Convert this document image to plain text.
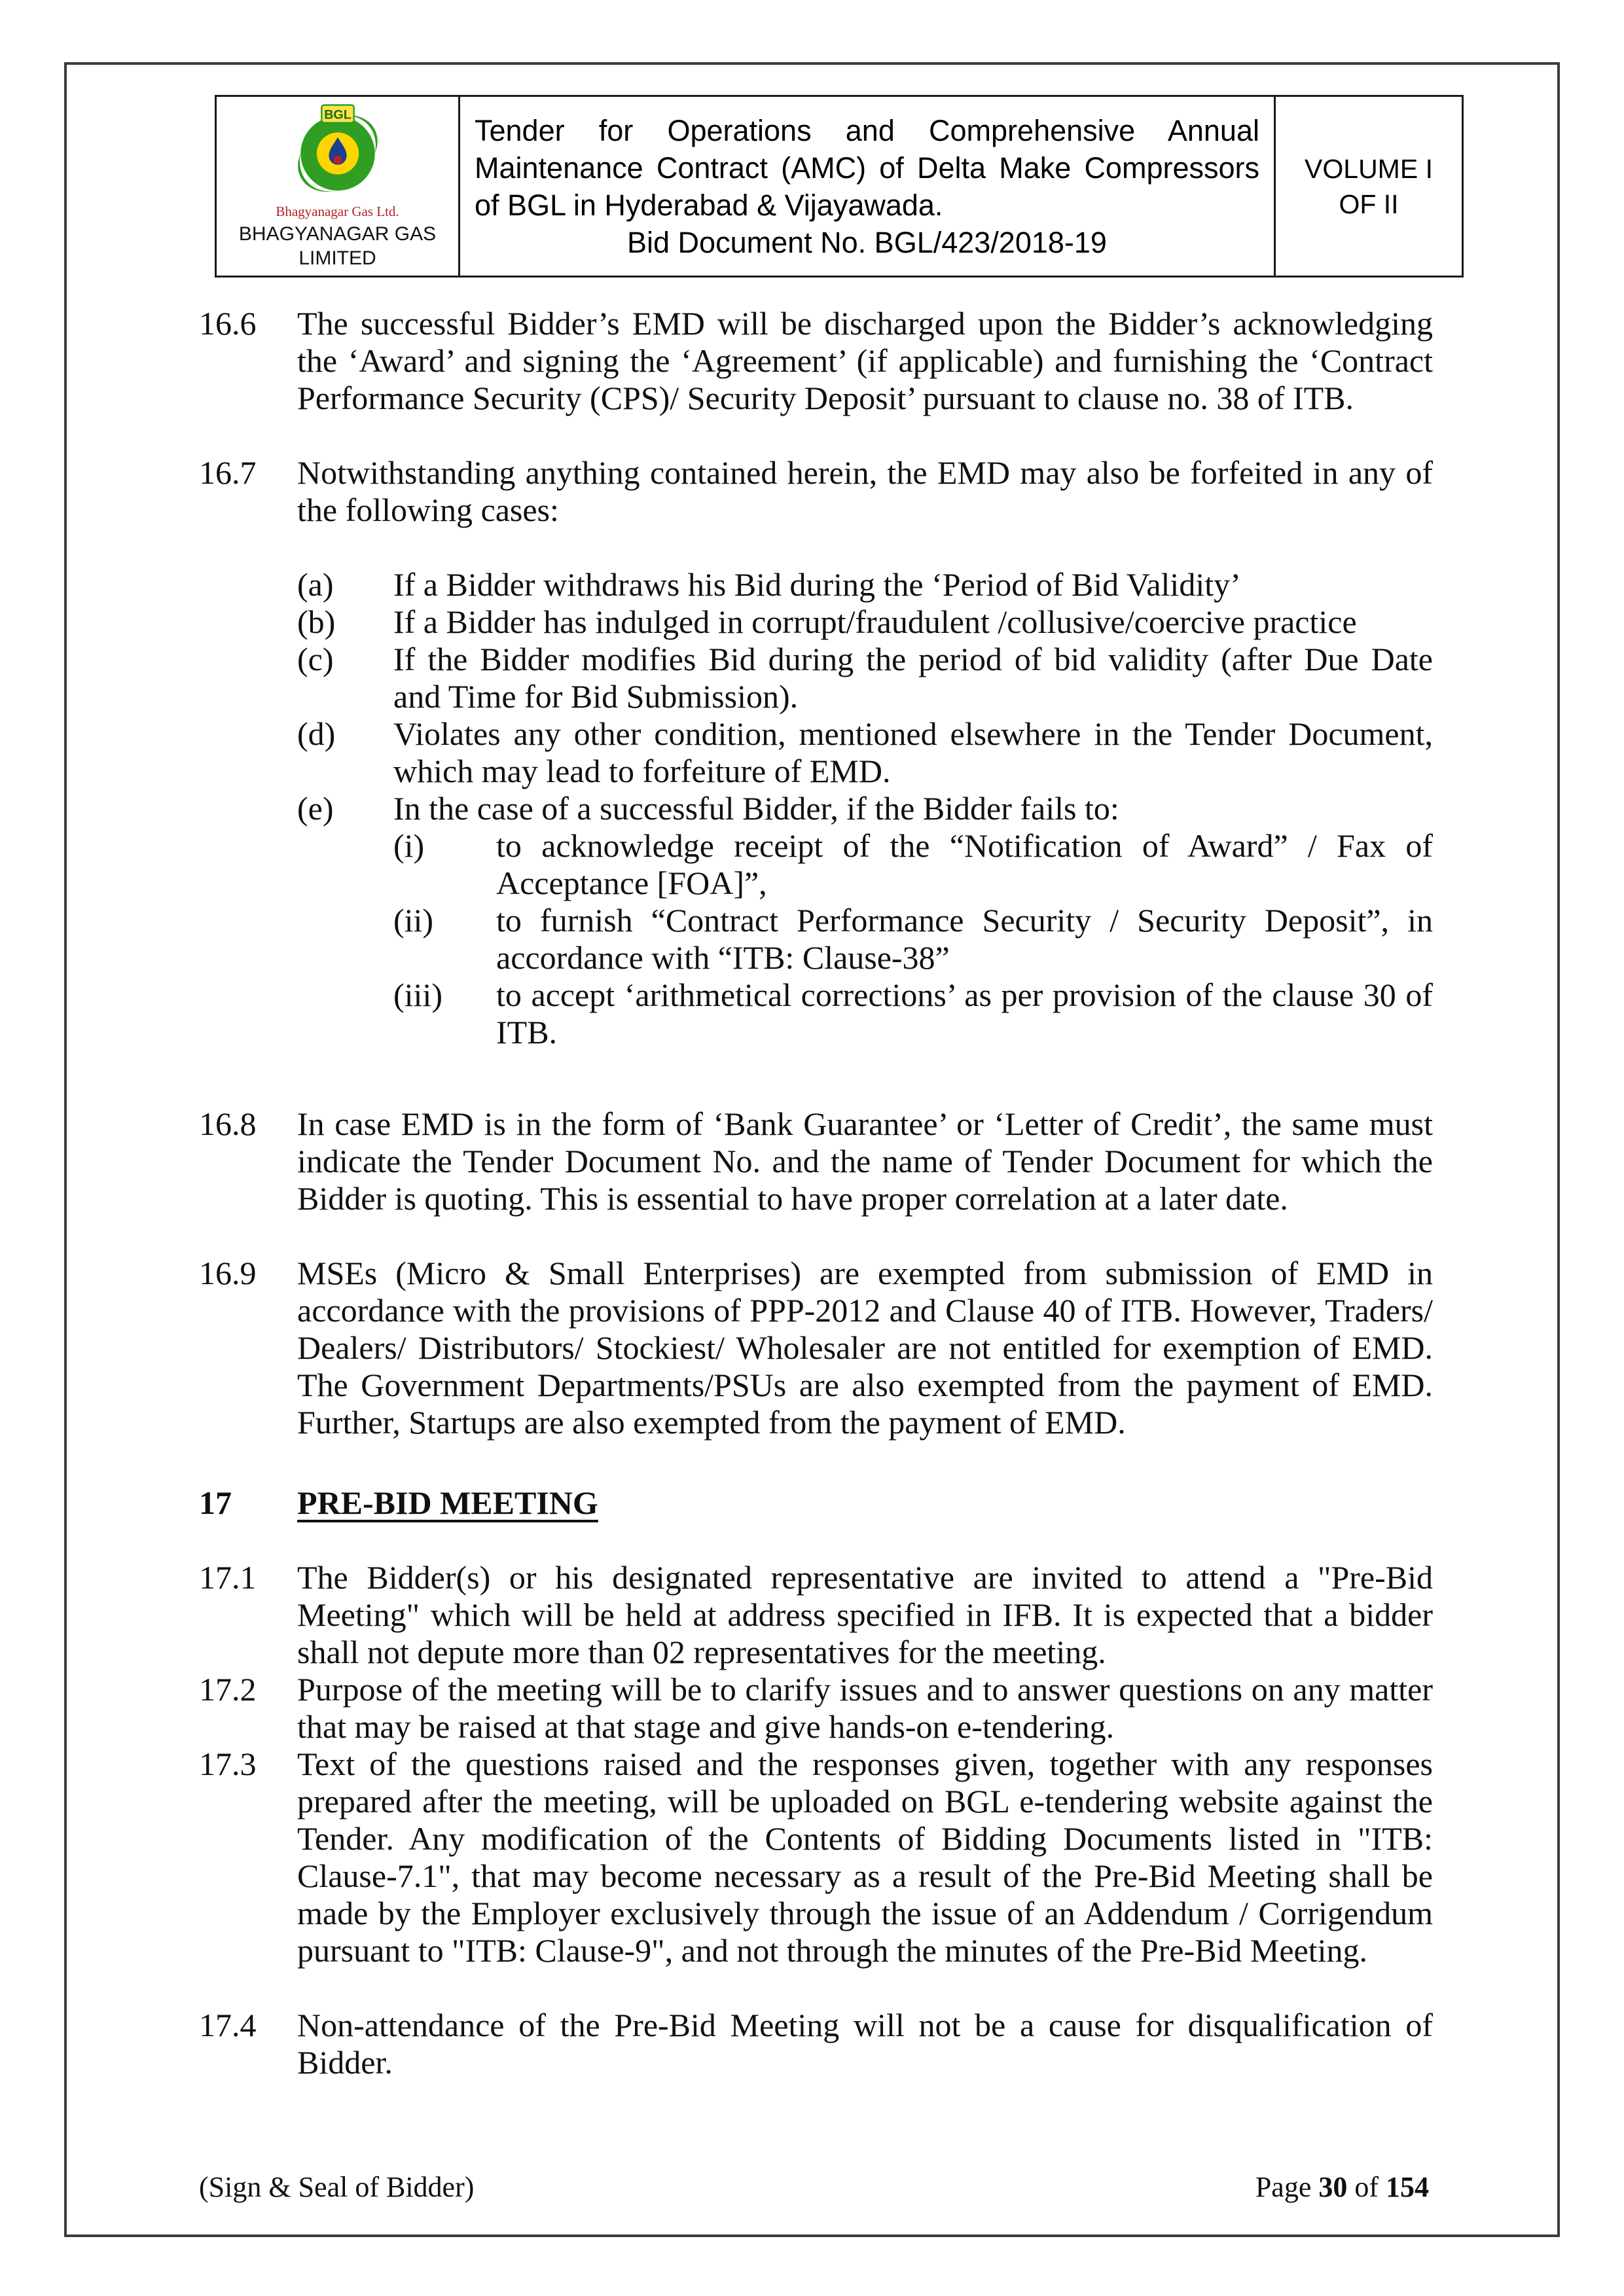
BGL
Bhagyanagar Gas Ltd.
BHAGYANAGAR GAS
LIMITED

Tender for Operations and Comprehensive Annual Maintenance Contract (AMC) of Delta Make Compressors of BGL in Hyderabad & Vijayawada.
Bid Document No. BGL/423/2018-19

VOLUME I
OF II
16.6	The successful Bidder’s EMD will be discharged upon the Bidder’s acknowledging the ‘Award’ and signing the ‘Agreement’ (if applicable) and furnishing the ‘Contract Performance Security (CPS)/ Security Deposit’ pursuant to clause no. 38 of ITB.
16.7	Notwithstanding anything contained herein, the EMD may also be forfeited in any of the following cases:
(a)	If a Bidder withdraws his Bid during the ‘Period of Bid Validity’
(b)	If a Bidder has indulged in corrupt/fraudulent /collusive/coercive practice
(c)	If the Bidder modifies Bid during the period of bid validity (after Due Date and Time for Bid Submission).
(d)	Violates any other condition, mentioned elsewhere in the Tender Document, which may lead to forfeiture of EMD.
(e)	In the case of a successful Bidder, if the Bidder fails to:
(i)	to acknowledge receipt of the “Notification of Award” / Fax of Acceptance [FOA]”,
(ii)	to furnish “Contract Performance Security / Security Deposit”, in accordance with “ITB: Clause-38”
(iii)	to accept ‘arithmetical corrections’ as per provision of the clause 30 of ITB.
16.8	In case EMD is in the form of ‘Bank Guarantee’ or ‘Letter of Credit’, the same must indicate the Tender Document No. and the name of Tender Document for which the Bidder is quoting. This is essential to have proper correlation at a later date.
16.9	MSEs (Micro & Small Enterprises) are exempted from submission of EMD in accordance with the provisions of PPP-2012 and Clause 40 of ITB. However, Traders/ Dealers/ Distributors/ Stockiest/ Wholesaler are not entitled for exemption of EMD. The Government Departments/PSUs are also exempted from the payment of EMD. Further, Startups are also exempted from the payment of EMD.
17	PRE-BID MEETING
17.1	The Bidder(s) or his designated representative are invited to attend a "Pre-Bid Meeting" which will be held at address specified in IFB. It is expected that a bidder shall not depute more than 02 representatives for the meeting.
17.2	Purpose of the meeting will be to clarify issues and to answer questions on any matter that may be raised at that stage and give hands-on e-tendering.
17.3	Text of the questions raised and the responses given, together with any responses prepared after the meeting, will be uploaded on BGL e-tendering website against the Tender. Any modification of the Contents of Bidding Documents listed in "ITB: Clause-7.1", that may become necessary as a result of the Pre-Bid Meeting shall be made by the Employer exclusively through the issue of an Addendum / Corrigendum pursuant to "ITB: Clause-9", and not through the minutes of the Pre-Bid Meeting.
17.4	Non-attendance of the Pre-Bid Meeting will not be a cause for disqualification of Bidder.
(Sign & Seal of Bidder)	Page 30 of 154
